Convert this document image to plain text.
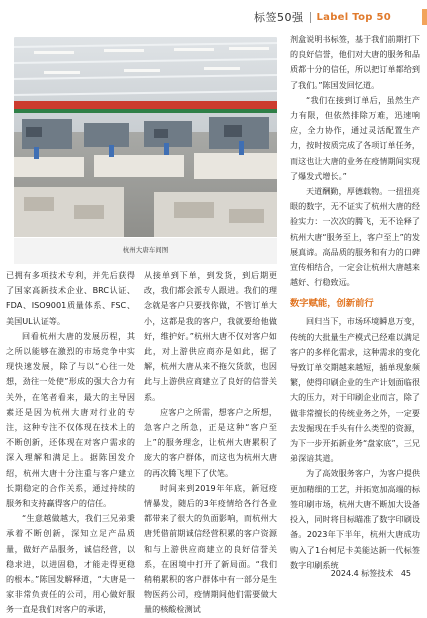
标签50强 Label Top 50
杭州大唐车间图

已拥有多项技术专利，并先后获得了国家高新技术企业、BRC认证、FDA、ISO9001质量体系、FSC、美国UL认证等。

回看杭州大唐的发展历程，其之所以能够在激烈的市场竞争中实现快速发展，除了与以“心往一处想，劲往一处使”形成的强大合力有关外，在笔者看来，最大的主导因素还是因为杭州大唐对行业的专注，这种专注不仅体现在技术上的不断创新，还体现在对客户需求的深入理解和满足上。据陈国发介绍，杭州大唐十分注重与客户建立长期稳定的合作关系，通过持续的服务和支持赢得客户的信任。

“生意越做越大，我们三兄弟秉承着不断创新，深知立足产品质量，做好产品服务，诚信经营，以稳求进，以进固稳，才能走得更稳的根本。”陈国发解释道，“大唐是一家非常负责任的公司，用心做好服务一直是我们对客户的承诺，

从接单到下单，到发货，到后期更改，我们都会派专人跟进。我们的理念就是客户只要找你做，不管订单大小，这都是我的客户，我就要给他做好，维护好。”杭州大唐不仅对客户如此，对上游供应商亦是如此，据了解，杭州大唐从来不拖欠货款，也因此与上游供应商建立了良好的信誉关系。

应客户之所需，想客户之所想，急客户之所急，正是这种“客户至上”的服务理念，让杭州大唐累积了庞大的客户群体，而这也为杭州大唐的再次腾飞埋下了伏笔。

时间来到2019年年底，新冠疫情暴发，随后的3年疫情给各行各业都带来了很大的负面影响，而杭州大唐凭借前期诚信经营积累的客户资源和与上游供应商建立的良好信誉关系，在困境中打开了新局面。“我们稍稍累积的客户群体中有一部分是生物医药公司，疫情期间他们需要做大量的核酸检测试

剂盒说明书标签，基于我们前期打下的良好信誉，他们对大唐的服务和品质都十分的信任，所以把订单都给到了我们。”陈国发回忆道。

“我们在接到订单后，虽然生产力有限，但依然排除万难，迅速响应，全力协作，通过灵活配置生产力，按时按质完成了各项订单任务，而这也让大唐的业务在疫情期间实现了爆发式增长。”

天道酬勤，厚德载物。一扭扭亮眼的数字，无不证实了杭州大唐的经验实力：一次次的腾飞，无不诠释了杭州大唐“服务至上，客户至上”的发展真谛。高品质的服务和有力的口碑宣传相结合，一定会让杭州大唐越来越好、行稳致远。

数字赋能，创新前行

回归当下，市场环境瞬息万变，传统的大批量生产模式已经难以满足客户的多样化需求，这种需求的变化导致订单交期越来越短，插单现象频繁，使得印刷企业的生产计划面临很大的压力，对于印刷企业而言，除了做非常擅长的传统业务之外，一定要去发掘现在手头有什么类型的资源，为下一步开拓新业务“盘家底”，三兄弟深谙其道。

为了高效服务客户，为客户提供更加精细的工艺，并拓宽加高端的标签印刷市场，杭州大唐不断加大设备投入，同时将目标瞄准了数字印刷设备。2023年下半年，杭州大唐成功购入了1台柯尼卡美能达新一代标签数字印刷系统

2024.4 标签技术 45
